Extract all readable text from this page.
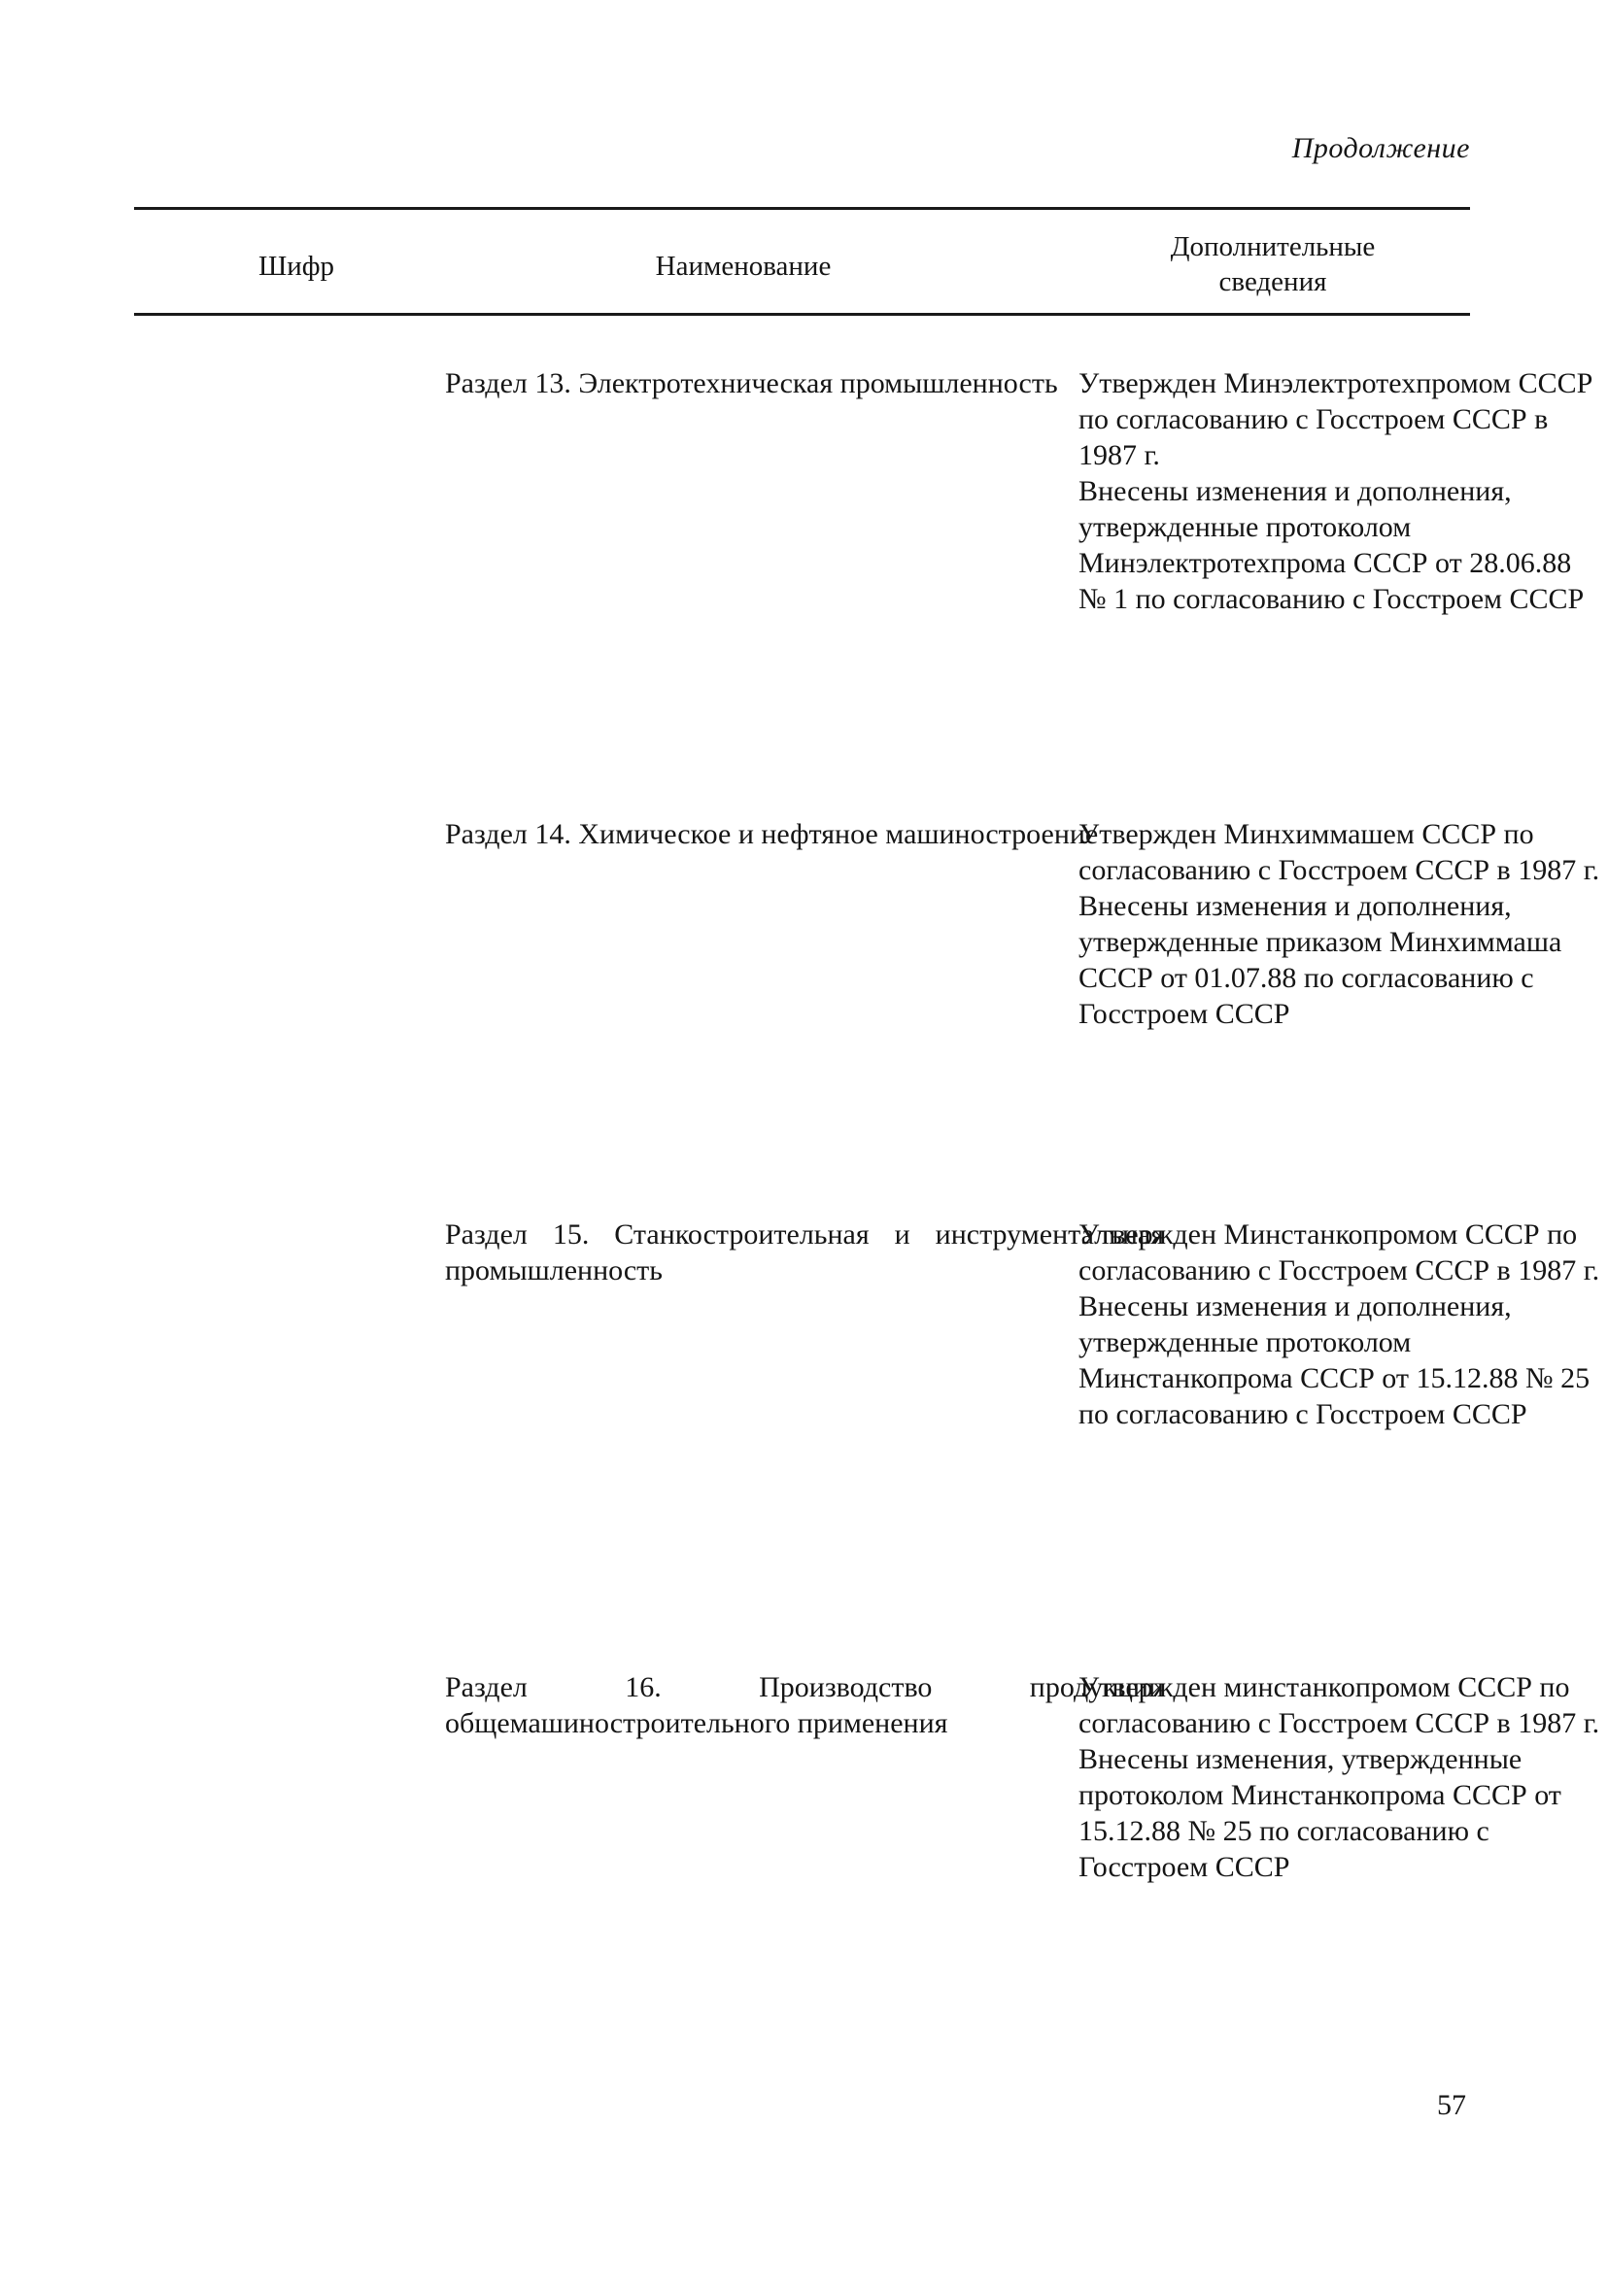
Продолжение
Шифр	Наименование
Дополнительные
сведения
Раздел 13. Электротехническая промышленность Утвержден Минэлектротехпромом СССР по согласованию с Госстроем СССР в 1987 г.
Внесены изменения и дополнения, утвержденные протоколом Минэлектротехпрома СССР от 28.06.88 № 1 по согласованию с Госстроем СССР
Раздел 14. Химическое и нефтяное машиностроение
Утвержден Минхиммашем СССР по согласованию с Госстроем СССР в 1987 г.
Внесены изменения и дополнения, утвержденные приказом Минхиммаша СССР от 01.07.88 по согласованию с Госстроем СССР
Раздел 15. Станкостроительная и инструментальная промышленность
Утвержден Минстанкопромом СССР по согласованию с Госстроем СССР в 1987 г.
Внесены изменения и дополнения, утвержденные протоколом Минстанкопрома СССР от 15.12.88 № 25 по согласованию с Госстроем СССР
Раздел 16. Производство продукции общемашиностроительного применения
Утвержден минстанкопромом СССР по согласованию с Госстроем СССР в 1987 г.
Внесены изменения, утвержденные протоколом Минстанкопрома СССР от 15.12.88 № 25 по согласованию с Госстроем СССР
57
